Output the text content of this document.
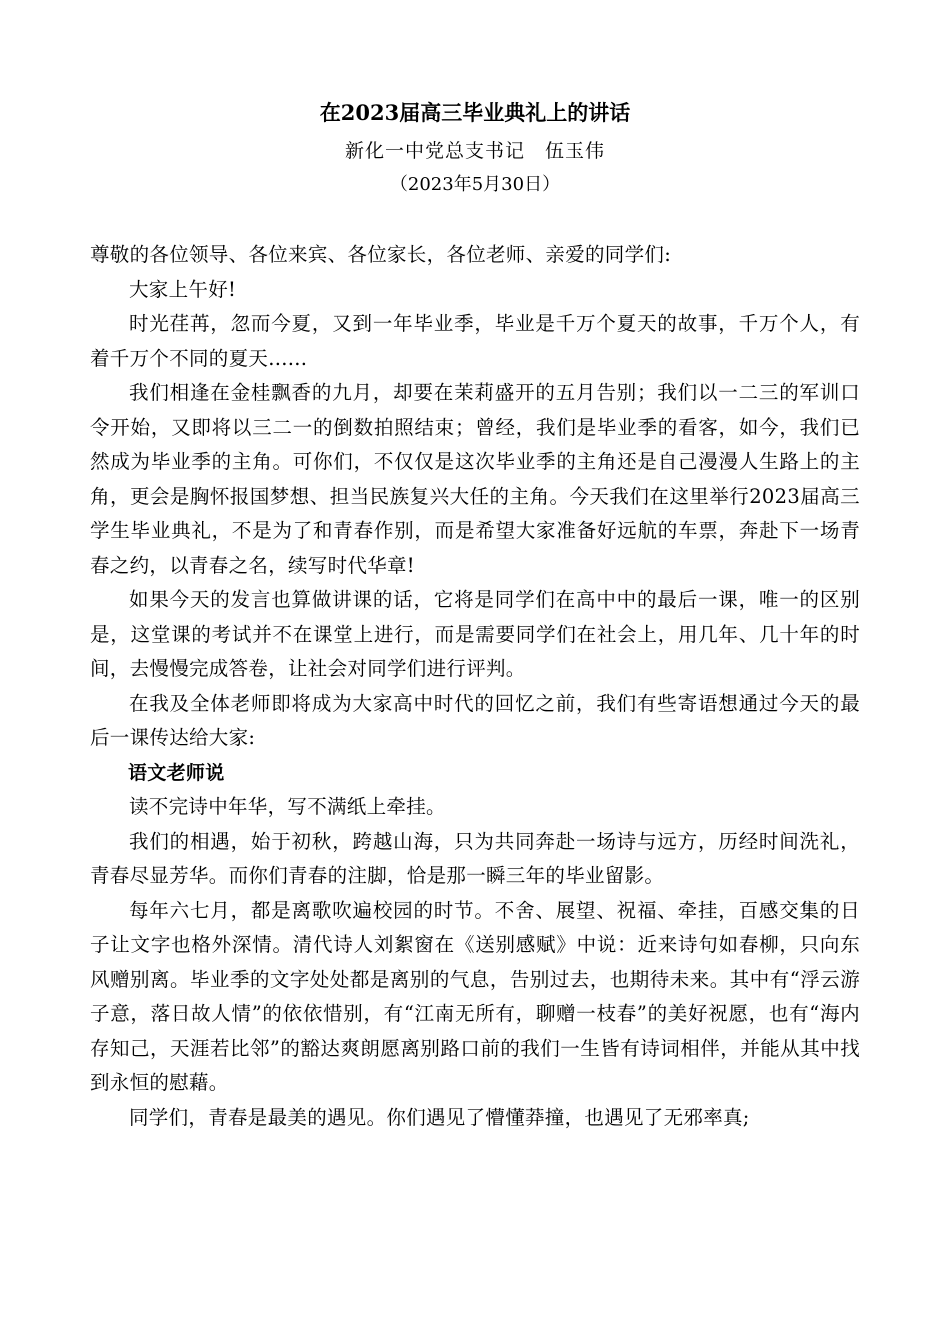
在2023届高三毕业典礼上的讲话
新化一中党总支书记　伍玉伟
（2023年5月30日）

尊敬的各位领导、各位来宾、各位家长，各位老师、亲爱的同学们:

大家上午好!

时光荏苒，忽而今夏，又到一年毕业季，毕业是千万个夏天的故事，千万个人，有着千万个不同的夏天......

我们相逢在金桂飘香的九月，却要在茉莉盛开的五月告别；我们以一二三的军训口令开始，又即将以三二一的倒数拍照结束；曾经，我们是毕业季的看客，如今，我们已然成为毕业季的主角。可你们，不仅仅是这次毕业季的主角还是自己漫漫人生路上的主角，更会是胸怀报国梦想、担当民族复兴大任的主角。今天我们在这里举行2023届高三学生毕业典礼，不是为了和青春作别，而是希望大家准备好远航的车票，奔赴下一场青春之约，以青春之名，续写时代华章!

如果今天的发言也算做讲课的话，它将是同学们在高中中的最后一课，唯一的区别是，这堂课的考试并不在课堂上进行，而是需要同学们在社会上，用几年、几十年的时间，去慢慢完成答卷，让社会对同学们进行评判。

在我及全体老师即将成为大家高中时代的回忆之前，我们有些寄语想通过今天的最后一课传达给大家:

语文老师说

读不完诗中年华，写不满纸上牵挂。

我们的相遇，始于初秋，跨越山海，只为共同奔赴一场诗与远方，历经时间洗礼，青春尽显芳华。而你们青春的注脚，恰是那一瞬三年的毕业留影。

每年六七月，都是离歌吹遍校园的时节。不舍、展望、祝福、牵挂，百感交集的日子让文字也格外深情。清代诗人刘絮窗在《送别感赋》中说：近来诗句如春柳，只向东风赠别离。毕业季的文字处处都是离别的气息，告别过去，也期待未来。其中有“浮云游子意，落日故人情”的依依惜别，有“江南无所有，聊赠一枝春”的美好祝愿，也有“海内存知己，天涯若比邻”的豁达爽朗愿离别路口前的我们一生皆有诗词相伴，并能从其中找到永恒的慰藉。

同学们，青春是最美的遇见。你们遇见了懵懂莽撞，也遇见了无邪率真;
